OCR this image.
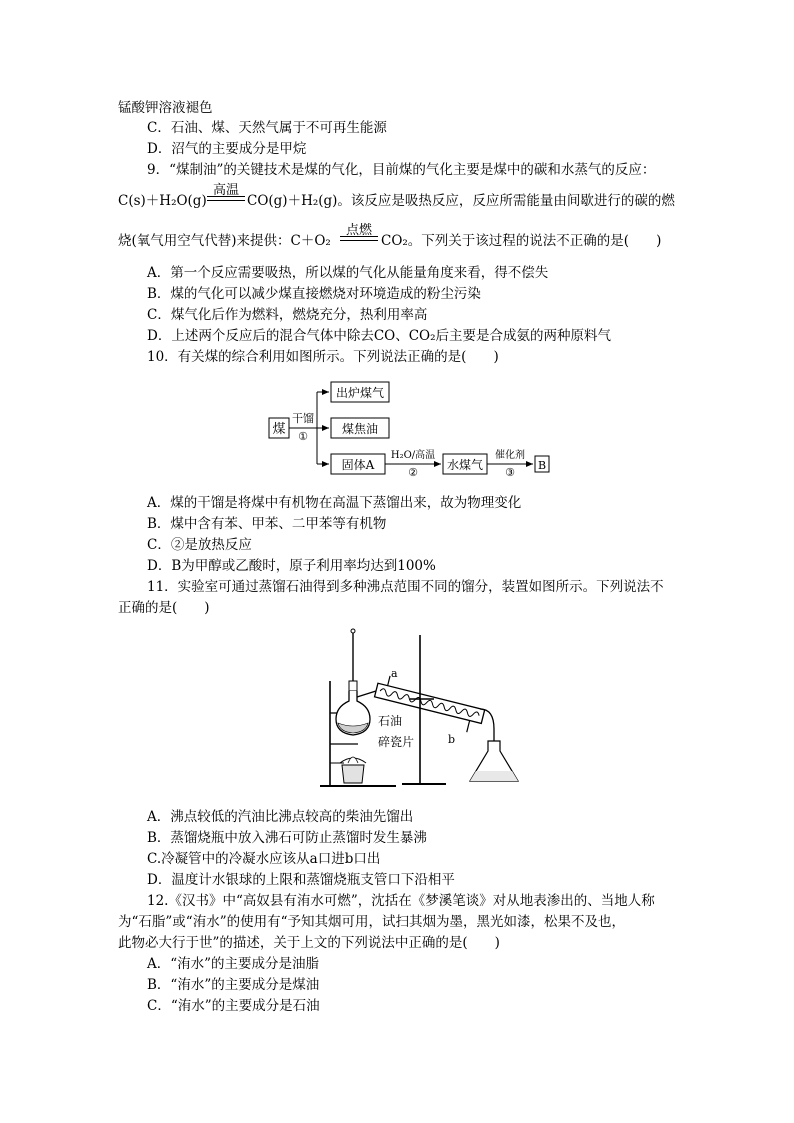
锰酸钾溶液褪色
C．石油、煤、天然气属于不可再生能源
D．沼气的主要成分是甲烷
9．“煤制油”的关键技术是煤的气化，目前煤的气化主要是煤中的碳和水蒸气的反应：
C(s)＋H₂O(g)
高温
CO(g)＋H₂(g)。该反应是吸热反应，反应所需能量由间歇进行的碳的燃
烧(氧气用空气代替)来提供：C＋O₂
点燃
CO₂。下列关于该过程的说法不正确的是(　　)
A．第一个反应需要吸热，所以煤的气化从能量角度来看，得不偿失
B．煤的气化可以减少煤直接燃烧对环境造成的粉尘污染
C．煤气化后作为燃料，燃烧充分，热利用率高
D．上述两个反应后的混合气体中除去CO、CO₂后主要是合成氨的两种原料气
10．有关煤的综合利用如图所示。下列说法正确的是(　　)
煤
干馏
①
出炉煤气
煤焦油
固体A
H₂O/高温
②
水煤气
催化剂
③
B
A．煤的干馏是将煤中有机物在高温下蒸馏出来，故为物理变化
B．煤中含有苯、甲苯、二甲苯等有机物
C．②是放热反应
D．B为甲醇或乙酸时，原子利用率均达到100%
11．实验室可通过蒸馏石油得到多种沸点范围不同的馏分，装置如图所示。下列说法不
正确的是(　　)
a
b
石油
碎瓷片
A．沸点较低的汽油比沸点较高的柴油先馏出
B．蒸馏烧瓶中放入沸石可防止蒸馏时发生暴沸
C.冷凝管中的冷凝水应该从a口进b口出
D．温度计水银球的上限和蒸馏烧瓶支管口下沿相平
12.《汉书》中“高奴县有洧水可燃”，沈括在《梦溪笔谈》对从地表渗出的、当地人称
为“石脂”或“洧水”的使用有“予知其烟可用，试扫其烟为墨，黑光如漆，松果不及也，
此物必大行于世”的描述，关于上文的下列说法中正确的是(　　)
A．“洧水”的主要成分是油脂
B．“洧水”的主要成分是煤油
C．“洧水”的主要成分是石油
